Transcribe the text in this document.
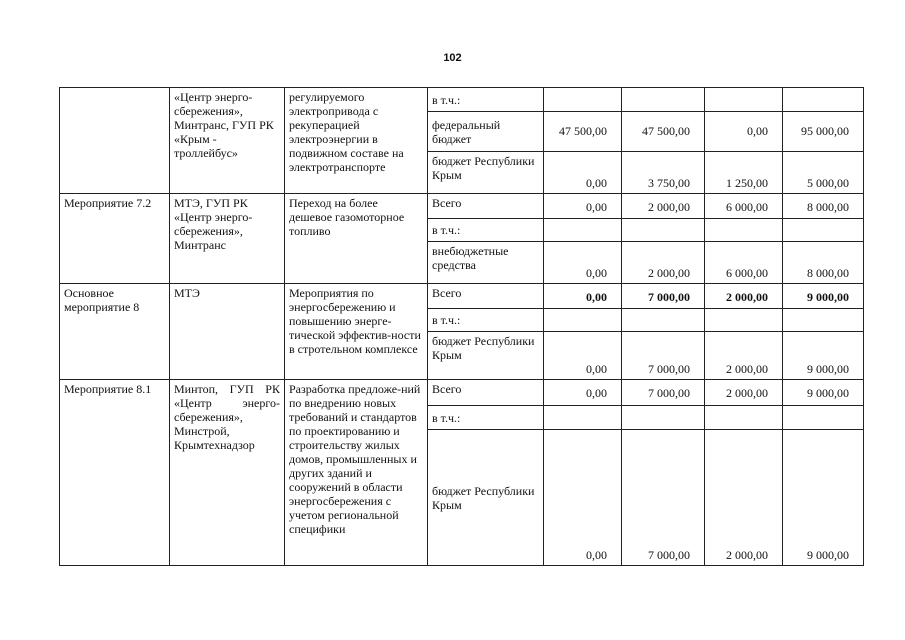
102
	«Центр энерго-сбережения», Минтранс, ГУП РК «Крым - троллейбус»	регулируемого электропривода с рекуперацией электроэнергии в подвижном составе на электротранспорте	в т.ч.:				
			федеральный бюджет	47 500,00	47 500,00	0,00	95 000,00
			бюджет Республики Крым	0,00	3 750,00	1 250,00	5 000,00
Мероприятие 7.2	МТЭ, ГУП РК «Центр энерго-сбережения», Минтранс	Переход на более дешевое газомоторное топливо	Всего	0,00	2 000,00	6 000,00	8 000,00
			в т.ч.:				
			внебюджетные средства	0,00	2 000,00	6 000,00	8 000,00
Основное мероприятие 8	МТЭ	Мероприятия по энергосбережению и повышению энерге-тической эффектив-ности в стротельном комплексе	Всего	0,00	7 000,00	2 000,00	9 000,00
			в т.ч.:				
			бюджет Республики Крым	0,00	7 000,00	2 000,00	9 000,00
Мероприятие 8.1	Минтоп, ГУП РК «Центр энерго-сбережения», Минстрой, Крымтехнадзор	Разработка предложе-ний по внедрению новых требований и стандартов по проектированию и строительству жилых домов, промышленных и других зданий и сооружений в области энергосбережения с учетом региональной специфики	Всего	0,00	7 000,00	2 000,00	9 000,00
			в т.ч.:				
			бюджет Республики Крым	0,00	7 000,00	2 000,00	9 000,00
